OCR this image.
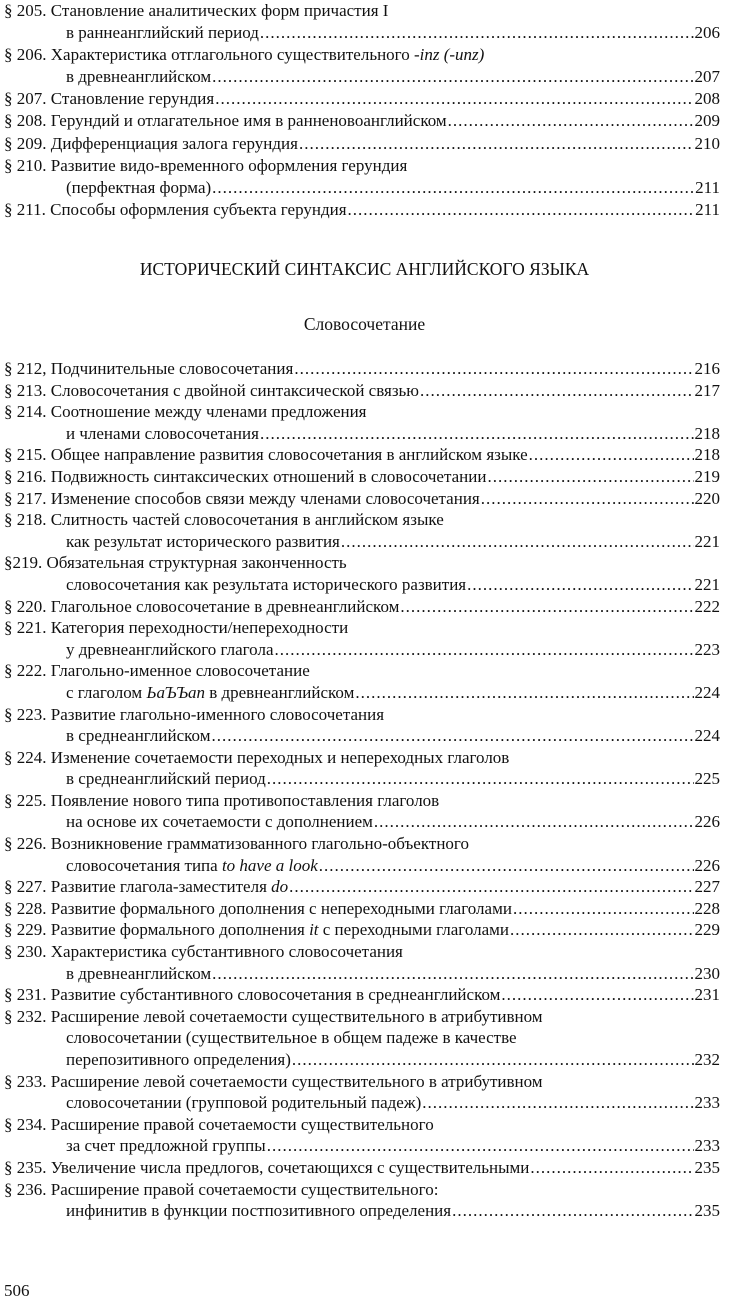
§ 205. Становление аналитических форм причастия I
в раннеанглийский период .....	206
§ 206. Характеристика отглагольного существительного -inz (-unz)
в древнеанглийском .....	207
§ 207. Становление герундия .....	208
§ 208. Герундий и отлагательное имя в ранненовоанглийском .....	209
§ 209. Дифференциация залога герундия .....	210
§ 210. Развитие видо-временного оформления герундия
(перфектная форма) .....	211
§ 211. Способы оформления субъекта герундия .....	211
ИСТОРИЧЕСКИЙ СИНТАКСИС АНГЛИЙСКОГО ЯЗЫКА
Словосочетание
§ 212, Подчинительные словосочетания .....	216
§ 213. Словосочетания с двойной синтаксической связью .....	217
§ 214. Соотношение между членами предложения
и членами словосочетания .....	218
§ 215. Общее направление развития словосочетания в английском языке .....	218
§ 216. Подвижность синтаксических отношений в словосочетании .....	219
§ 217. Изменение способов связи между членами словосочетания .....	220
§ 218. Слитность частей словосочетания в английском языке
как результат исторического развития .....	221
§219. Обязательная структурная законченность
словосочетания как результата исторического развития .....	221
§ 220. Глагольное словосочетание в древнеанглийском .....	222
§ 221. Категория переходности/непереходности
у древнеанглийского глагола .....	223
§ 222. Глагольно-именное словосочетание
с глаголом ЬаЪЪап в древнеанглийском .....	224
§ 223. Развитие глагольно-именного словосочетания
в среднеанглийском .....	224
§ 224. Изменение сочетаемости переходных и непереходных глаголов
в среднеанглийский период .....	225
§ 225. Появление нового типа противопоставления глаголов
на основе их сочетаемости с дополнением .....	226
§ 226. Возникновение грамматизованного глагольно-объектного
словосочетания типа to have a look .....	226
§ 227. Развитие глагола-заместителя do .....	227
§ 228. Развитие формального дополнения с непереходными глаголами .....	228
§ 229. Развитие формального дополнения it с переходными глаголами .....	229
§ 230. Характеристика субстантивного словосочетания
в древнеанглийском .....	230
§ 231. Развитие субстантивного словосочетания в среднеанглийском .....	231
§ 232. Расширение левой сочетаемости существительного в атрибутивном
словосочетании (существительное в общем падеже в качестве
перепозитивного определения) .....	232
§ 233. Расширение левой сочетаемости существительного в атрибутивном
словосочетании (групповой родительный падеж) .....	233
§ 234. Расширение правой сочетаемости существительного
за счет предложной группы .....	233
§ 235. Увеличение числа предлогов, сочетающихся с существительными .....	235
§ 236. Расширение правой сочетаемости существительного:
инфинитив в функции постпозитивного определения .....	235
506
